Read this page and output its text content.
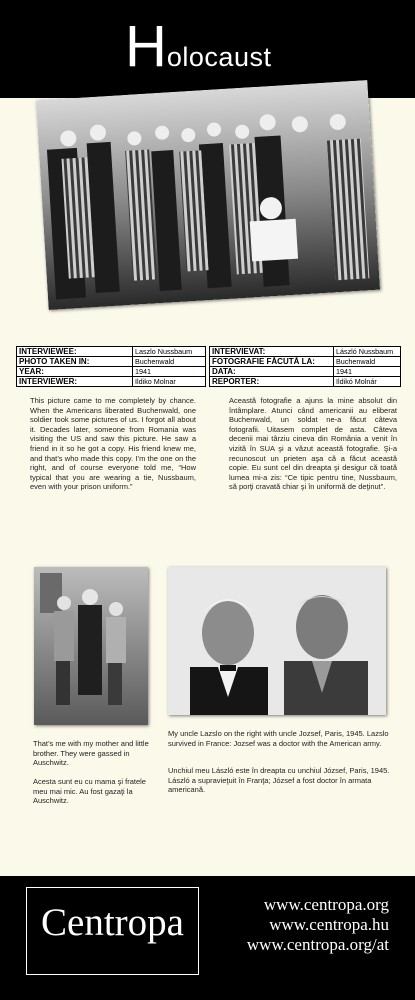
Holocaust
INTERVIEWEE:	Laszlo Nussbaum
PHOTO TAKEN IN:	Buchenwald
YEAR:	1941
INTERVIEWER:	Ildiko Molnar
INTERVIEVAT:	László Nussbaum
FOTOGRAFIE FĂCUTĂ LA:	Buchenwald
DATA:	1941
REPORTER:	Ildikó Molnár

This picture came to me completely by chance. When the Americans liberated Buchenwald, one soldier took some pictures of us. I forgot all about it. Decades later, someone from Romania was visiting the US and saw this picture. He saw a friend in it so he got a copy. His friend knew me, and that’s who made this copy. I’m the one on the right, and of course everyone told me, “How typical that you are wearing a tie, Nussbaum, even with your prison uniform.”

Această fotografie a ajuns la mine absolut din întâmplare. Atunci când americanii au eliberat Buchenwald, un soldat ne-a făcut câteva fotografii. Uitasem complet de asta. Câteva decenii mai târziu cineva din România a venit în vizită în SUA şi a văzut această fotografie. Şi-a recunoscut un prieten aşa că a făcut această copie. Eu sunt cel din dreapta şi desigur că toată lumea mi-a zis: “Ce tipic pentru tine, Nussbaum, să porţi cravată chiar şi în uniformă de deţinut”.

That’s me with my mother and little brother. They were gassed in Auschwitz.

Acesta sunt eu cu mama şi fratele meu mai mic. Au fost gazaţi la Auschwitz.

My uncle Lazslo on the right with uncle Jozsef, Paris, 1945. Lazslo survived in France: Jozsef was a doctor with the American army.

Unchiul meu László este în dreapta cu unchiul József, Paris, 1945. László a supravieţuit în Franţa; József a fost doctor în armata americană.

Centropa	www.centropa.org
www.centropa.hu
www.centropa.org/at
